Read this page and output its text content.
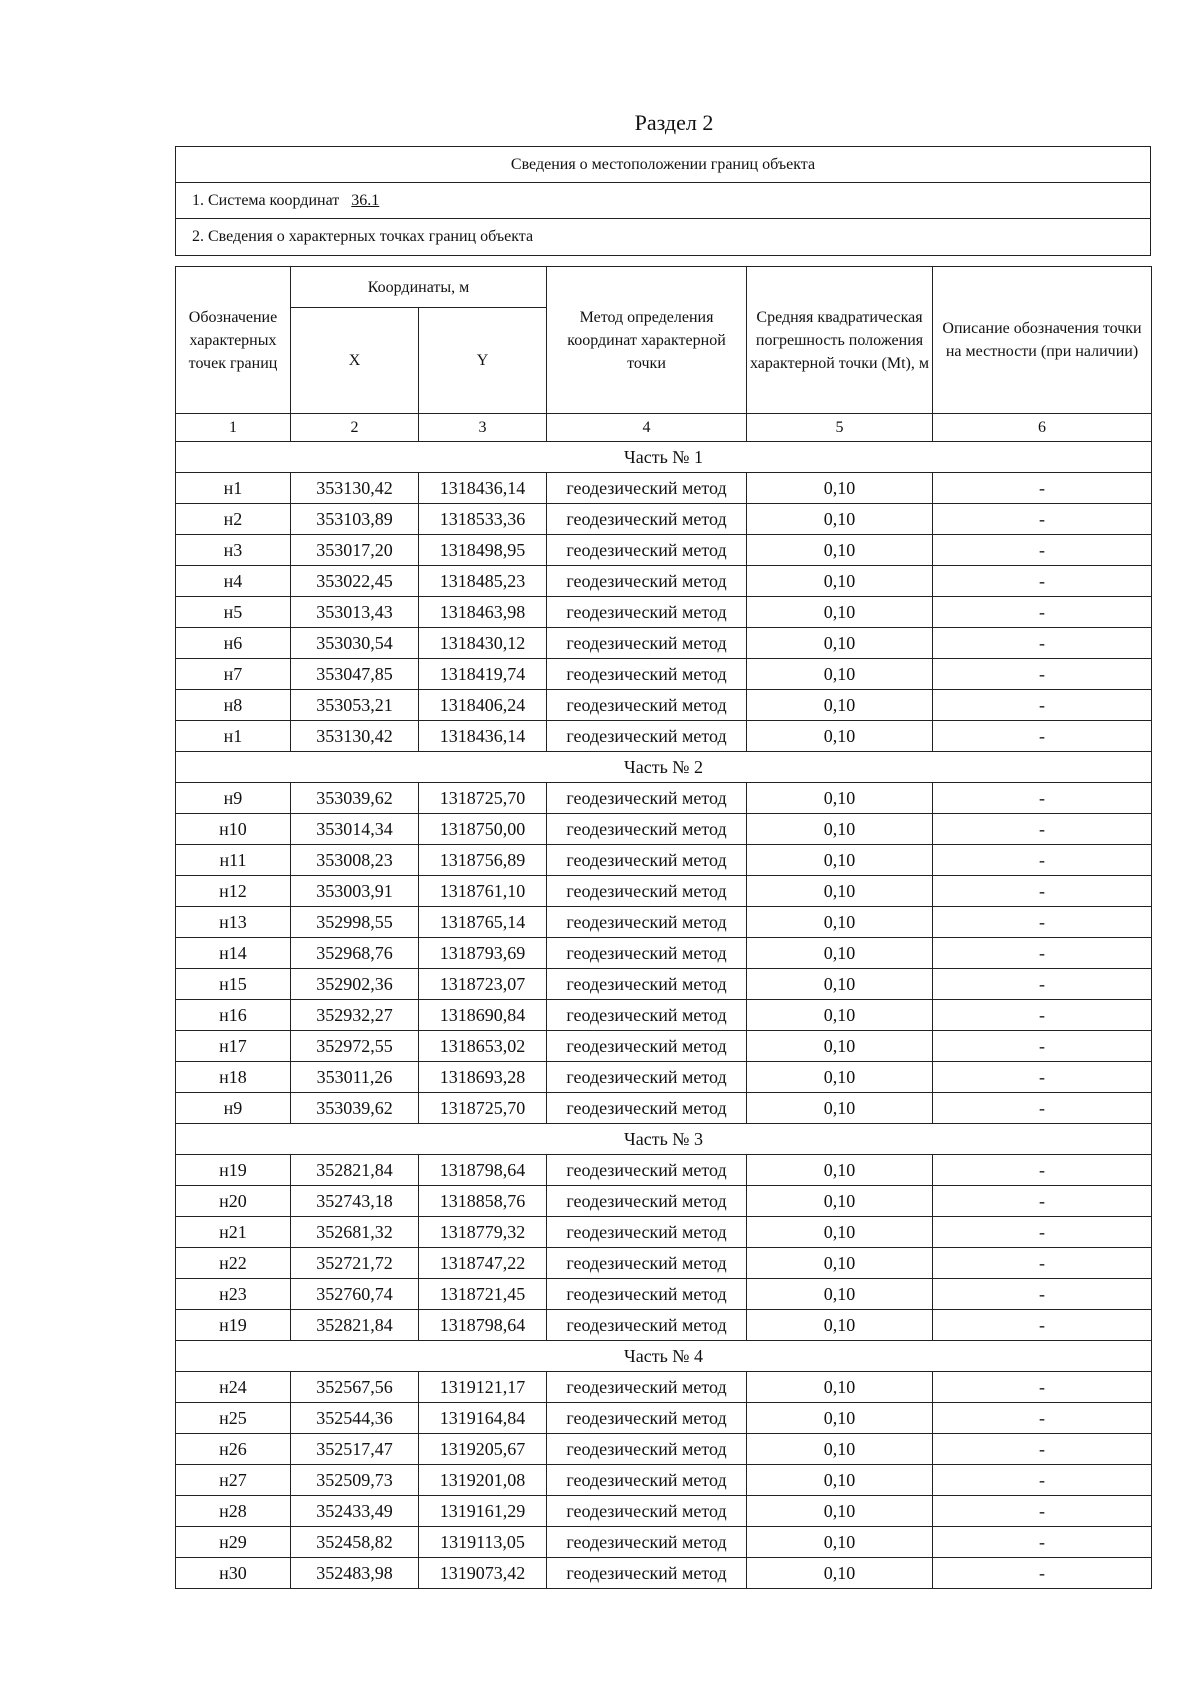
Раздел 2
Сведения о местоположении границ объекта
1. Система координат 36.1
2. Сведения о характерных точках границ объекта
Обозначение характерных точек границ	Координаты, м		Метод определения координат характерной точки	Средняя квадратическая погрешность положения характерной точки (Mt), м	Описание обозначения точки на местности (при наличии)
	X	Y			
1	2	3	4	5	6
Часть № 1					
н1	353130,42	1318436,14	геодезический метод	0,10	-
н2	353103,89	1318533,36	геодезический метод	0,10	-
н3	353017,20	1318498,95	геодезический метод	0,10	-
н4	353022,45	1318485,23	геодезический метод	0,10	-
н5	353013,43	1318463,98	геодезический метод	0,10	-
н6	353030,54	1318430,12	геодезический метод	0,10	-
н7	353047,85	1318419,74	геодезический метод	0,10	-
н8	353053,21	1318406,24	геодезический метод	0,10	-
н1	353130,42	1318436,14	геодезический метод	0,10	-
Часть № 2					
н9	353039,62	1318725,70	геодезический метод	0,10	-
н10	353014,34	1318750,00	геодезический метод	0,10	-
н11	353008,23	1318756,89	геодезический метод	0,10	-
н12	353003,91	1318761,10	геодезический метод	0,10	-
н13	352998,55	1318765,14	геодезический метод	0,10	-
н14	352968,76	1318793,69	геодезический метод	0,10	-
н15	352902,36	1318723,07	геодезический метод	0,10	-
н16	352932,27	1318690,84	геодезический метод	0,10	-
н17	352972,55	1318653,02	геодезический метод	0,10	-
н18	353011,26	1318693,28	геодезический метод	0,10	-
н9	353039,62	1318725,70	геодезический метод	0,10	-
Часть № 3					
н19	352821,84	1318798,64	геодезический метод	0,10	-
н20	352743,18	1318858,76	геодезический метод	0,10	-
н21	352681,32	1318779,32	геодезический метод	0,10	-
н22	352721,72	1318747,22	геодезический метод	0,10	-
н23	352760,74	1318721,45	геодезический метод	0,10	-
н19	352821,84	1318798,64	геодезический метод	0,10	-
Часть № 4					
н24	352567,56	1319121,17	геодезический метод	0,10	-
н25	352544,36	1319164,84	геодезический метод	0,10	-
н26	352517,47	1319205,67	геодезический метод	0,10	-
н27	352509,73	1319201,08	геодезический метод	0,10	-
н28	352433,49	1319161,29	геодезический метод	0,10	-
н29	352458,82	1319113,05	геодезический метод	0,10	-
н30	352483,98	1319073,42	геодезический метод	0,10	-
